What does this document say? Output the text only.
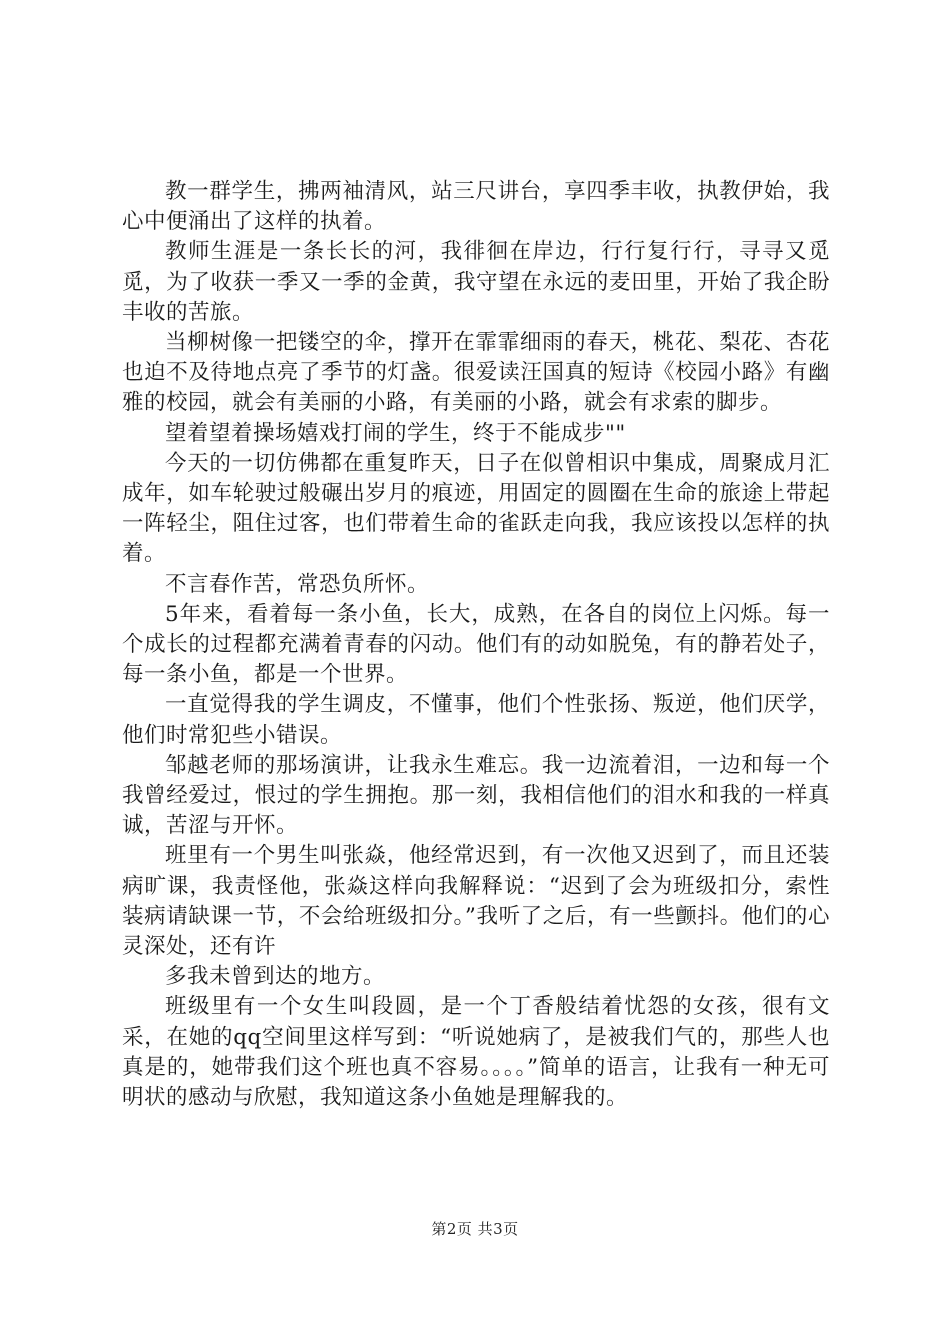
教一群学生，拂两袖清风，站三尺讲台，享四季丰收，执教伊始，我心中便涌出了这样的执着。

教师生涯是一条长长的河，我徘徊在岸边，行行复行行，寻寻又觅觅，为了收获一季又一季的金黄，我守望在永远的麦田里，开始了我企盼丰收的苦旅。

当柳树像一把镂空的伞，撑开在霏霏细雨的春天，桃花、梨花、杏花也迫不及待地点亮了季节的灯盏。很爱读汪国真的短诗《校园小路》有幽雅的校园，就会有美丽的小路，有美丽的小路，就会有求索的脚步。

望着望着操场嬉戏打闹的学生，终于不能成步""

今天的一切仿佛都在重复昨天，日子在似曾相识中集成，周聚成月汇成年，如车轮驶过般碾出岁月的痕迹，用固定的圆圈在生命的旅途上带起一阵轻尘，阻住过客，也们带着生命的雀跃走向我，我应该投以怎样的执着。

不言春作苦，常恐负所怀。

5年来，看着每一条小鱼，长大，成熟，在各自的岗位上闪烁。每一个成长的过程都充满着青春的闪动。他们有的动如脱兔，有的静若处子，每一条小鱼，都是一个世界。

一直觉得我的学生调皮，不懂事，他们个性张扬、叛逆，他们厌学，他们时常犯些小错误。

邹越老师的那场演讲，让我永生难忘。我一边流着泪，一边和每一个我曾经爱过，恨过的学生拥抱。那一刻，我相信他们的泪水和我的一样真诚，苦涩与开怀。

班里有一个男生叫张焱，他经常迟到，有一次他又迟到了，而且还装病旷课，我责怪他，张焱这样向我解释说：“迟到了会为班级扣分，索性装病请缺课一节，不会给班级扣分。”我听了之后，有一些颤抖。他们的心灵深处，还有许

多我未曾到达的地方。

班级里有一个女生叫段圆，是一个丁香般结着忧怨的女孩，很有文采，在她的qq空间里这样写到：“听说她病了，是被我们气的，那些人也真是的，她带我们这个班也真不容易。。。。”简单的语言，让我有一种无可明状的感动与欣慰，我知道这条小鱼她是理解我的。

第2页 共3页
